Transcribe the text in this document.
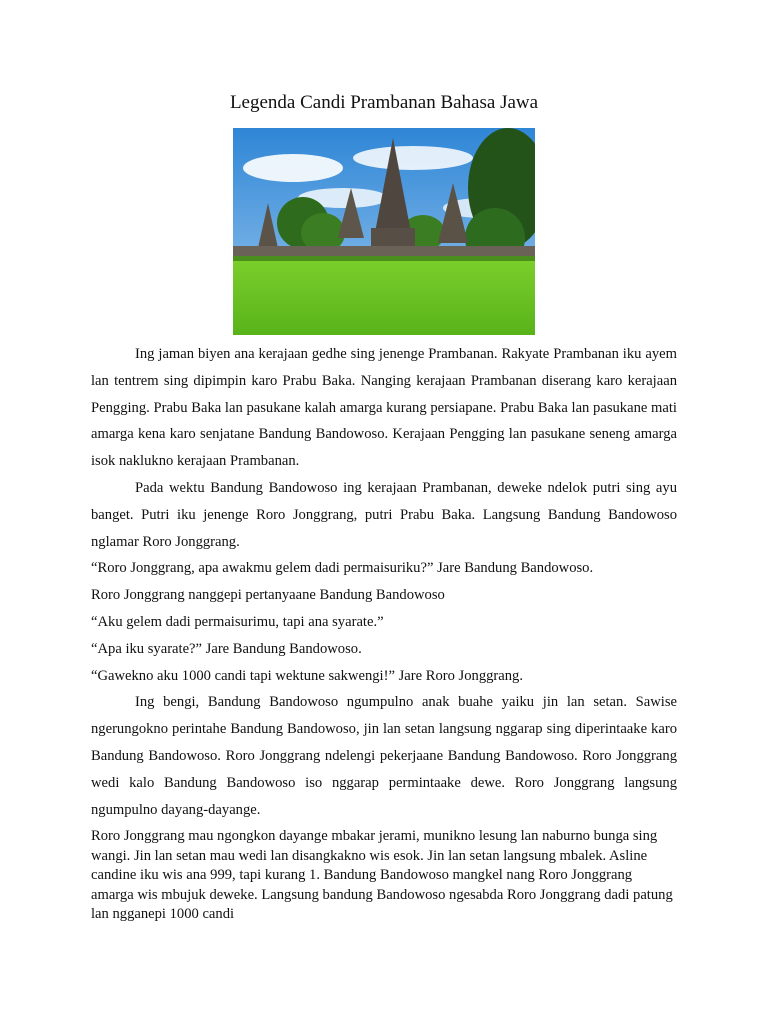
Legenda Candi Prambanan Bahasa Jawa

Ing jaman biyen ana kerajaan gedhe sing jenenge Prambanan. Rakyate Prambanan iku ayem lan tentrem sing dipimpin karo Prabu Baka. Nanging kerajaan Prambanan diserang karo kerajaan Pengging. Prabu Baka lan pasukane kalah amarga kurang persiapane. Prabu Baka lan pasukane mati amarga kena karo senjatane Bandung Bandowoso. Kerajaan Pengging lan pasukane seneng amarga isok naklukno kerajaan Prambanan.

Pada wektu Bandung Bandowoso ing kerajaan Prambanan, deweke ndelok putri sing ayu banget. Putri iku jenenge Roro Jonggrang, putri Prabu Baka. Langsung Bandung Bandowoso nglamar Roro Jonggrang.

“Roro Jonggrang, apa awakmu gelem dadi permaisuriku?” Jare Bandung Bandowoso.

Roro Jonggrang nanggepi pertanyaane Bandung Bandowoso

“Aku gelem dadi permaisurimu, tapi ana syarate.”

“Apa iku syarate?” Jare Bandung Bandowoso.

“Gawekno aku 1000 candi tapi wektune sakwengi!” Jare Roro Jonggrang.

Ing bengi, Bandung Bandowoso ngumpulno anak buahe yaiku jin lan setan. Sawise ngerungokno perintahe Bandung Bandowoso, jin lan setan langsung nggarap sing diperintaake karo Bandung Bandowoso. Roro Jonggrang ndelengi pekerjaane Bandung Bandowoso. Roro Jonggrang wedi kalo Bandung Bandowoso iso nggarap permintaake dewe. Roro Jonggrang langsung ngumpulno dayang-dayange.

Roro Jonggrang mau ngongkon dayange mbakar jerami, munikno lesung lan naburno bunga sing wangi. Jin lan setan mau wedi lan disangkakno wis esok. Jin lan setan langsung mbalek. Asline candine iku wis ana 999, tapi kurang 1. Bandung Bandowoso mangkel nang Roro Jonggrang amarga wis mbujuk deweke. Langsung bandung Bandowoso ngesabda Roro Jonggrang dadi patung lan ngganepi 1000 candi
